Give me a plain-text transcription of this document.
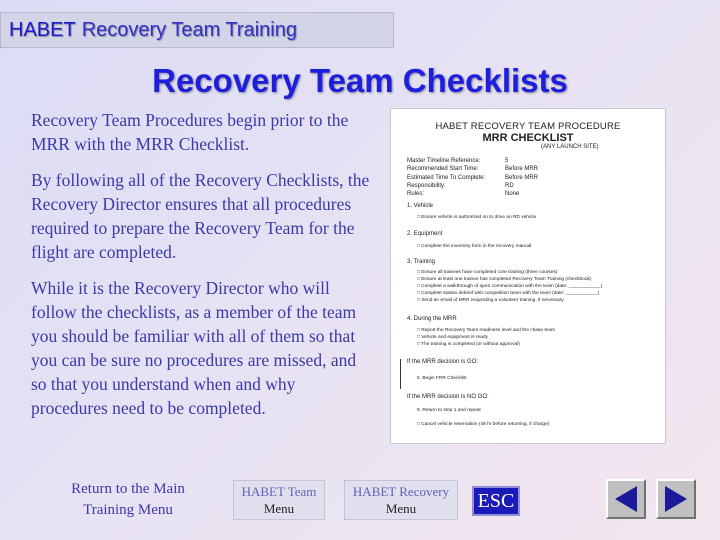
HABET Recovery Team Training
Recovery Team Checklists

Recovery Team Procedures begin prior to the MRR with the MRR Checklist.

By following all of the Recovery Checklists, the Recovery Director ensures that all procedures required to prepare the Recovery Team for the flight are completed.

While it is the Recovery Director who will follow the checklists, as a member of the team you should be familiar with all of them so that you can be sure no procedures are missed, and so that you understand when and why procedures need to be completed.

HABET RECOVERY TEAM PROCEDURE
MRR CHECKLIST
(ANY LAUNCH SITE)
Master Timeline Reference:	5
Recommended Start Time:	Before MRR
Estimated Time To Complete:	Before MRR
Responsibility:	RD
Rules:	None
1. Vehicle
□ Ensure vehicle is authorized on to drive an RD vehicle
2. Equipment
□ Complete the inventory form in the recovery manual
3. Training
□ Ensure all trainees have completed core training (three courses)
□ Ensure at least one trainee has completed Recovery Team Training (checkbook)
□ Complete a walkthrough of open communication with the team (date: ____________)
□ Complete station debrief with competition team with the team (date: ____________)
□ Send an email of MRR requesting a volunteer training, if necessary
4. During the MRR
□ Report the Recovery Team readiness level and the chase team
□ Vehicle and equipment is ready
□ The training is completed (or without approval)
If the MRR decision is GO:
5. Begin FRR Checklist
If the MRR decision is NO GO:
5. Return to step 1 and repeat
□ Cancel vehicle reservation (48 hr before returning, if charge)
Return to the Main Training Menu
HABET Team
Menu
HABET Recovery
Menu	ESC
